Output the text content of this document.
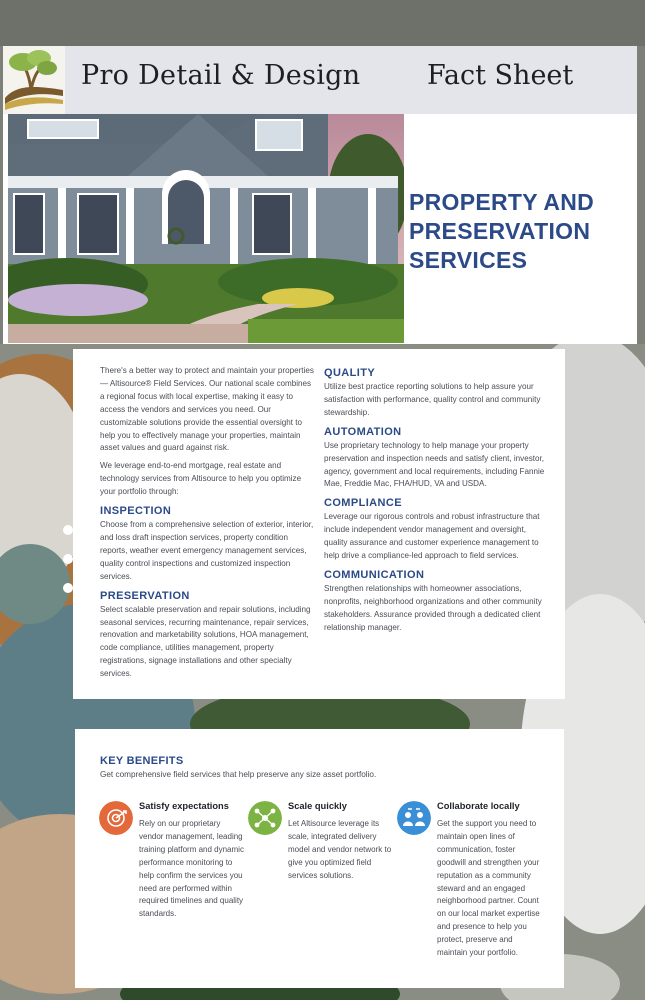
Pro Detail & Design Fact Sheet
PROPERTY AND PRESERVATION SERVICES

There's a better way to protect and maintain your properties — Altisource® Field Services. Our national scale combines a regional focus with local expertise, making it easy to access the vendors and services you need. Our customizable solutions provide the essential oversight to help you to effectively manage your properties, maintain asset values and guard against risk.

We leverage end-to-end mortgage, real estate and technology services from Altisource to help you optimize your portfolio through:

INSPECTION

Choose from a comprehensive selection of exterior, interior, and loss draft inspection services, property condition reports, weather event emergency management services, quality control inspections and customized inspection services.

PRESERVATION

Select scalable preservation and repair solutions, including seasonal services, recurring maintenance, repair services, renovation and marketability solutions, HOA management, code compliance, utilities management, property registrations, signage installations and other specialty services.

QUALITY

Utilize best practice reporting solutions to help assure your satisfaction with performance, quality control and community stewardship.

AUTOMATION

Use proprietary technology to help manage your property preservation and inspection needs and satisfy client, investor, agency, government and local requirements, including Fannie Mae, Freddie Mac, FHA/HUD, VA and USDA.

COMPLIANCE

Leverage our rigorous controls and robust infrastructure that include independent vendor management and oversight, quality assurance and customer experience management to help drive a compliance-led approach to field services.

COMMUNICATION

Strengthen relationships with homeowner associations, nonprofits, neighborhood organizations and other community stakeholders. Assurance provided through a dedicated client relationship manager.

KEY BENEFITS
Get comprehensive field services that help preserve any size asset portfolio.
Satisfy expectations
Rely on our proprietary vendor management, leading training platform and dynamic performance monitoring to help confirm the services you need are performed within required timelines and quality standards.
Scale quickly
Let Altisource leverage its scale, integrated delivery model and vendor network to give you optimized field services solutions.
Collaborate locally
Get the support you need to maintain open lines of communication, foster goodwill and strengthen your reputation as a community steward and an engaged neighborhood partner. Count on our local market expertise and presence to help you protect, preserve and maintain your portfolio.
